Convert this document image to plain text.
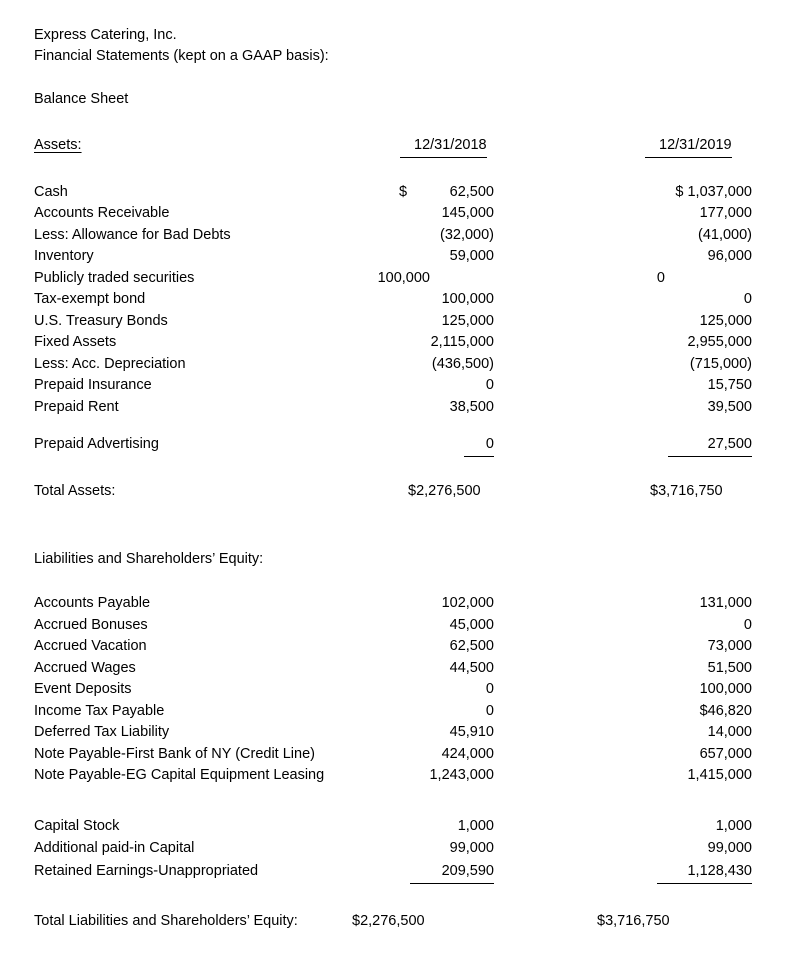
Express Catering, Inc.
Financial Statements (kept on a GAAP basis):
Balance Sheet
Assets:	12/31/2018	12/31/2019
Cash	$	62,500	$ 1,037,000
Accounts Receivable	145,000	177,000
Less: Allowance for Bad Debts	(32,000)	(41,000)
Inventory	59,000	96,000
Publicly traded securities	100,000	0
Tax-exempt bond	100,000	0
U.S. Treasury Bonds	125,000	125,000
Fixed Assets	2,115,000	2,955,000
Less: Acc. Depreciation	(436,500)	(715,000)
Prepaid Insurance	0	15,750
Prepaid Rent	38,500	39,500
Prepaid Advertising	0	27,500
Total Assets:	$2,276,500	$3,716,750
Liabilities and Shareholders’ Equity:
Accounts Payable	102,000	131,000
Accrued Bonuses	45,000	0
Accrued Vacation	62,500	73,000
Accrued Wages	44,500	51,500
Event Deposits	0	100,000
Income Tax Payable	0	$46,820
Deferred Tax Liability	45,910	14,000
Note Payable-First Bank of NY (Credit Line)	424,000	657,000
Note Payable-EG Capital Equipment Leasing	1,243,000	1,415,000
Capital Stock	1,000	1,000
Additional paid-in Capital	99,000	99,000
Retained Earnings-Unappropriated	209,590	1,128,430
Total Liabilities and Shareholders’ Equity:	$2,276,500	$3,716,750
